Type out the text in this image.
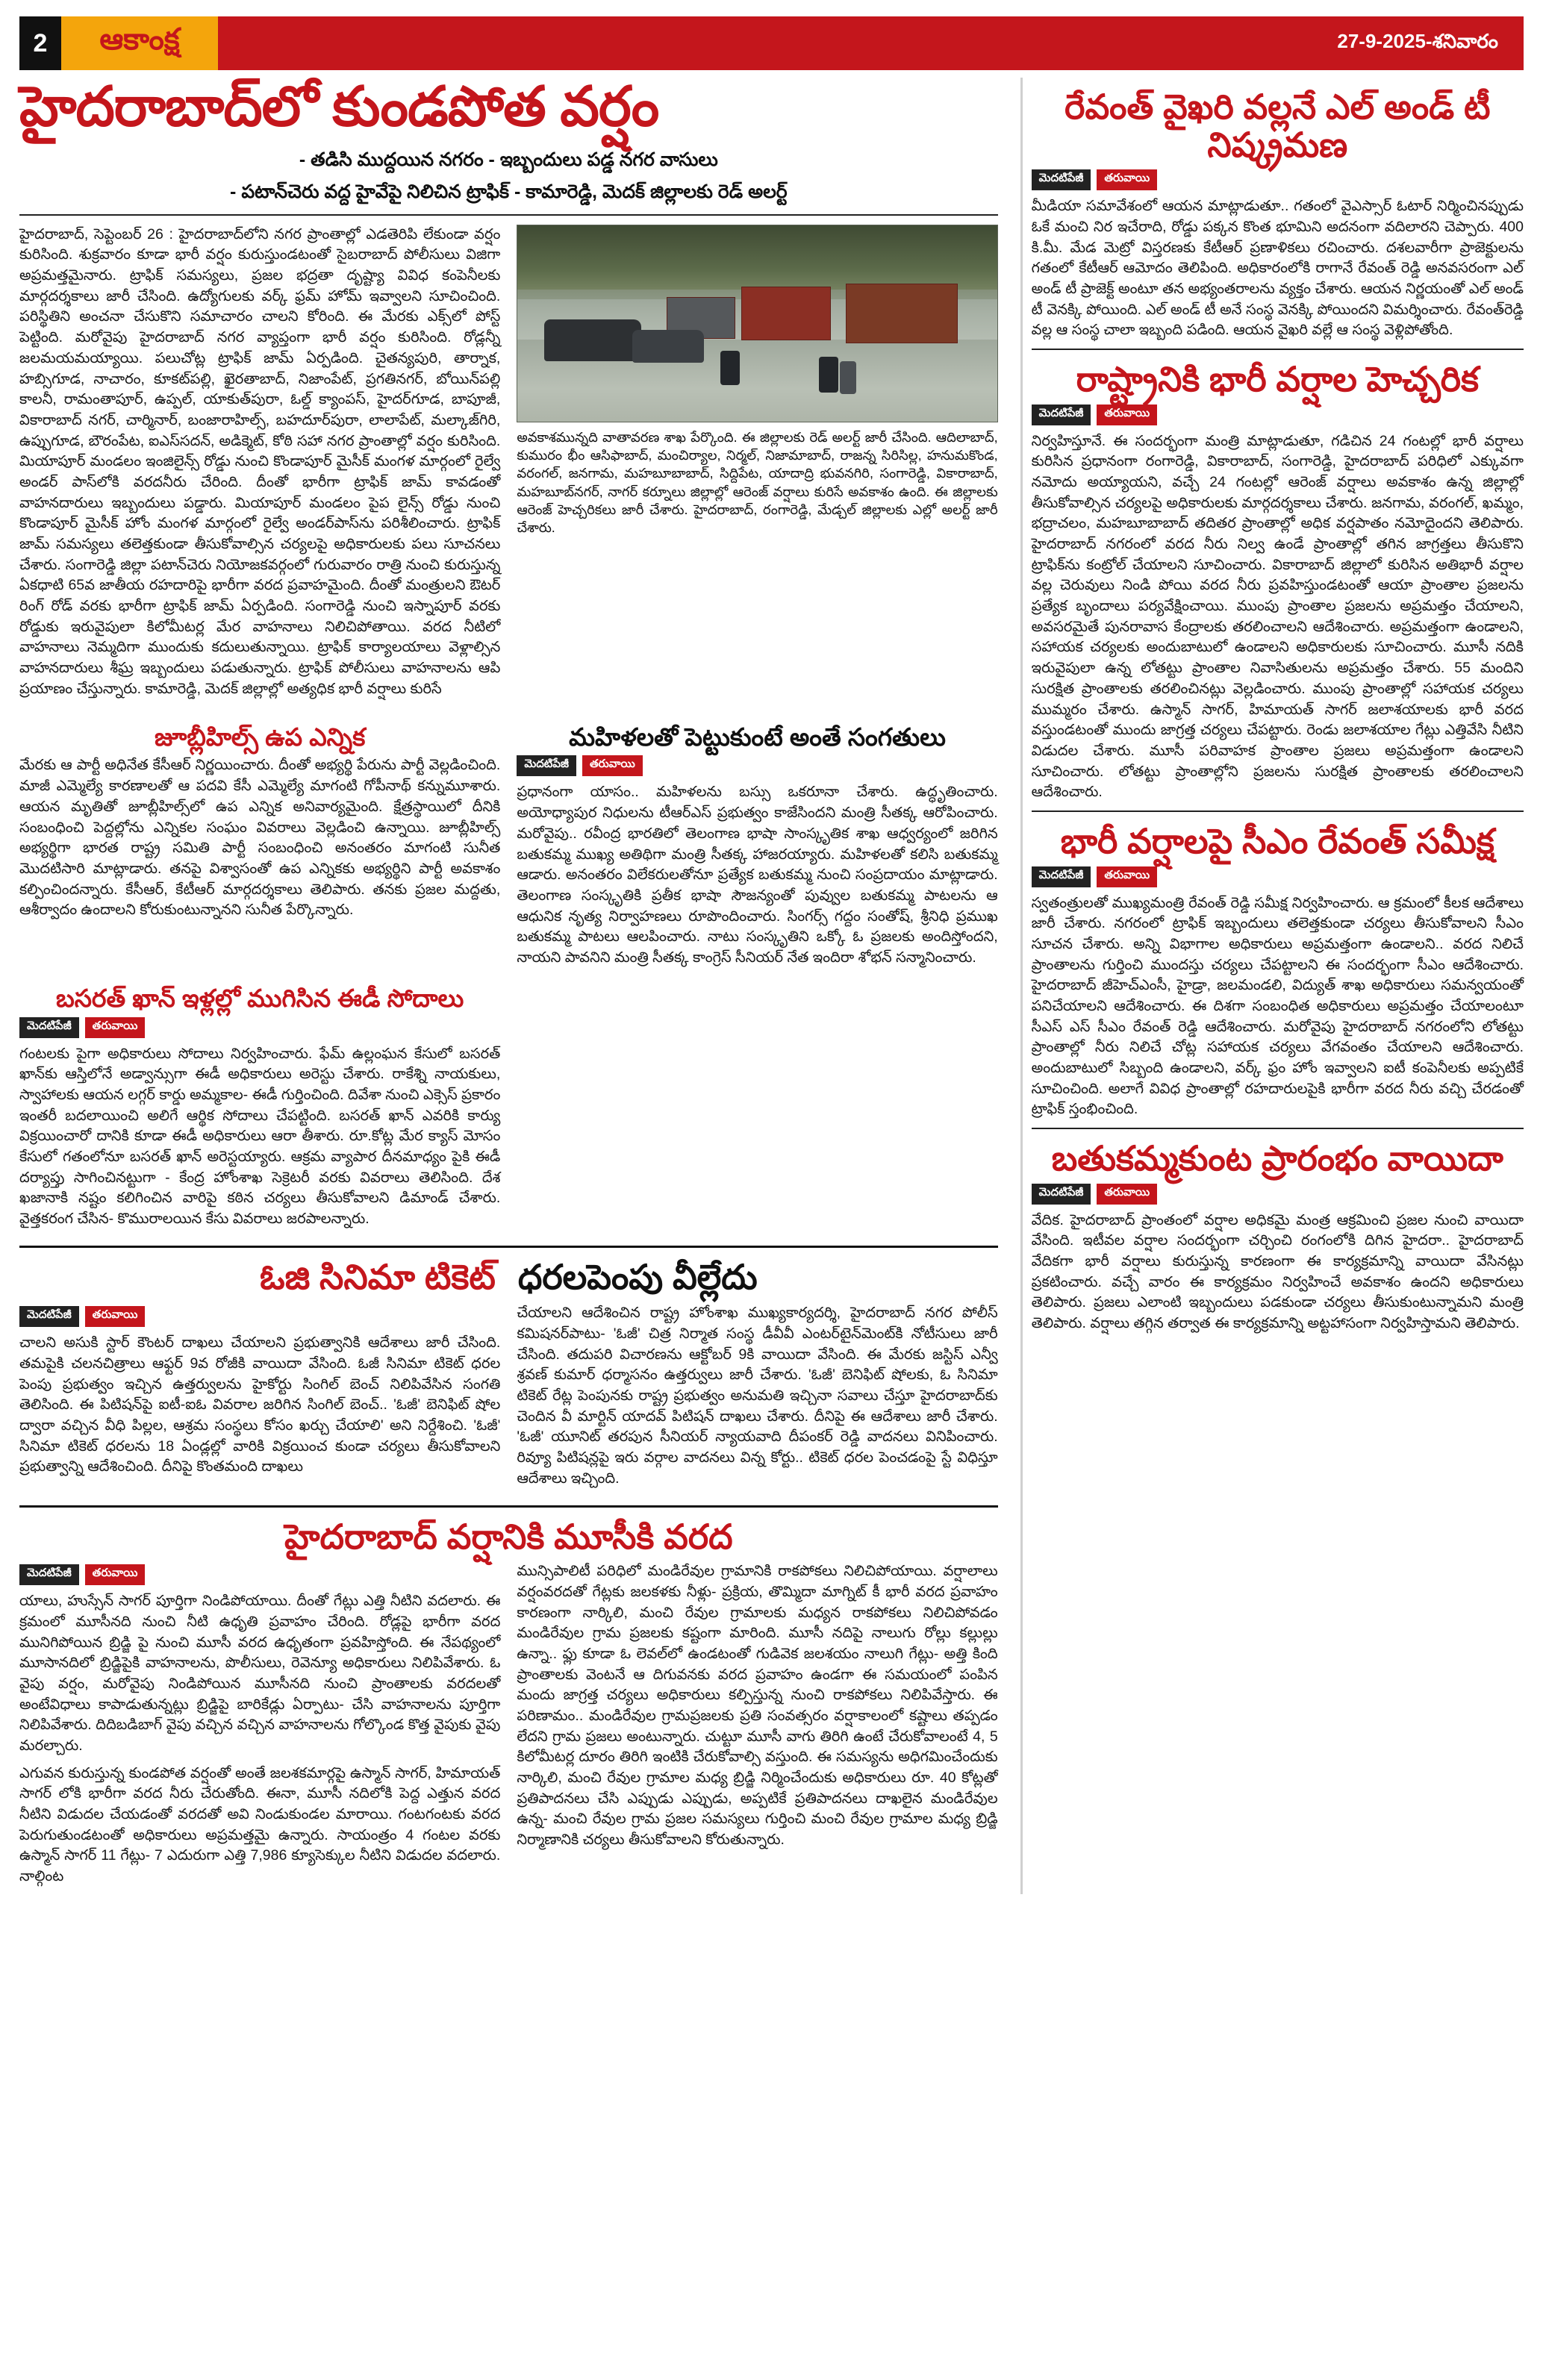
2	ఆకాంక్ష	27-9-2025-శనివారం
హైదరాబాద్‌లో కుండపోత వర్షం
- తడిసి ముద్దయిన నగరం - ఇబ్బందులు పడ్డ నగర వాసులు
- పటాన్‌చెరు వద్ద హైవేపై నిలిచిన ట్రాఫిక్ - కామారెడ్డి, మెదక్ జిల్లాలకు రెడ్ అలర్ట్

హైదరాబాద్, సెప్టెంబర్ 26 : హైదరాబాద్‌లోని నగర ప్రాంతాల్లో ఎడతెరిపి లేకుండా వర్షం కురిసింది. శుక్రవారం కూడా భారీ వర్షం కురుస్తుండటంతో సైబరాబాద్ పోలీసులు విజిగా అప్రమత్తమైనారు. ట్రాఫిక్ సమస్యలు, ప్రజల భద్రతా దృష్ట్యా వివిధ కంపెనీలకు మార్గదర్శకాలు జారీ చేసింది. ఉద్యోగులకు వర్క్ ఫ్రమ్ హోమ్ ఇవ్వాలని సూచించింది. పరిస్థితిని అంచనా చేసుకొని సమాచారం చాలని కోరింది. ఈ మేరకు ఎక్స్‌లో పోస్ట్ పెట్టింది. మరోవైపు హైదరాబాద్ నగర వ్యాప్తంగా భారీ వర్షం కురిసింది. రోడ్లన్నీ జలమయమయ్యాయి. పలుచోట్ల ట్రాఫిక్ జామ్ ఏర్పడింది. చైతన్యపురి, తార్నాక, హబ్సిగూడ, నాచారం, కూకట్‌పల్లి, ఖైరతాబాద్, నిజాంపేట్, ప్రగతినగర్, బోయిన్‌పల్లి కాలనీ, రామంతాపూర్, ఉప్పల్, యాకుత్‌పురా, ఓల్డ్ క్యాంపస్, హైదర్‌గూడ, బాపూజీ, వికారాబాద్ నగర్, చార్మినార్, బంజారాహిల్స్, బహదూర్‌పురా, లాలాపేట్, మల్కాజ్‌గిరి, ఉప్పుగూడ, బౌరంపేట, ఐఎస్‌సదన్, అడిక్మెట్, కోఠి సహా నగర ప్రాంతాల్లో వర్షం కురిసింది. మియాపూర్ మండలం ఇంజిలైన్స్ రోడ్డు నుంచి కొండాపూర్ మైసీక్ మంగళ మార్గంలో రైల్వే అండర్ పాస్‌లోకి వరదనీరు చేరింది. దీంతో భారీగా ట్రాఫిక్ జామ్ కావడంతో వాహనదారులు ఇబ్బందులు పడ్డారు. మియాపూర్ మండలం పైప లైన్స్ రోడ్డు నుంచి కొండాపూర్ మైసీక్ హోం మంగళ మార్గంలో రైల్వే అండర్‌పాస్‌ను పరిశీలించారు. ట్రాఫిక్ జామ్ సమస్యలు తలెత్తకుండా తీసుకోవాల్సిన చర్యలపై అధికారులకు పలు సూచనలు చేశారు. సంగారెడ్డి జిల్లా పటాన్‌చెరు నియోజకవర్గంలో గురువారం రాత్రి నుంచి కురుస్తున్న ఏకధాటి 65వ జాతీయ రహదారిపై భారీగా వరద ప్రవాహమైంది. దీంతో మంత్రులని ఔటర్ రింగ్ రోడ్ వరకు భారీగా ట్రాఫిక్ జామ్ ఏర్పడింది. సంగారెడ్డి నుంచి ఇస్నాపూర్ వరకు రోడ్డుకు ఇరువైపులా కిలోమీటర్ల మేర వాహనాలు నిలిచిపోతాయి. వరద నీటిలో వాహనాలు నెమ్మదిగా ముందుకు కదులుతున్నాయి. ట్రాఫిక్ కార్యాలయాలు వెళ్లాల్సిన వాహనదారులు శీఘ్ర ఇబ్బందులు పడుతున్నారు. ట్రాఫిక్ పోలీసులు వాహనాలను ఆపి ప్రయాణం చేస్తున్నారు. కామారెడ్డి, మెదక్ జిల్లాల్లో అత్యధిక భారీ వర్షాలు కురిసే

అవకాశమున్నది వాతావరణ శాఖ పేర్కొంది. ఈ జిల్లాలకు రెడ్ అలర్ట్ జారీ చేసింది. ఆదిలాబాద్, కుమురం భీం ఆసిఫాబాద్, మంచిర్యాల, నిర్మల్, నిజామాబాద్, రాజన్న సిరిసిల్ల, హనుమకొండ, వరంగల్, జనగామ, మహబూబాబాద్, సిద్దిపేట, యాదాద్రి భువనగిరి, సంగారెడ్డి, వికారాబాద్, మహబూబ్‌నగర్, నాగర్ కర్నూలు జిల్లాల్లో ఆరెంజ్ వర్షాలు కురిసే అవకాశం ఉంది. ఈ జిల్లాలకు ఆరెంజ్ హెచ్చరికలు జారీ చేశారు. హైదరాబాద్, రంగారెడ్డి, మేడ్చల్ జిల్లాలకు ఎల్లో అలర్ట్ జారీ చేశారు.
జూబ్లీహిల్స్ ఉప ఎన్నిక

మేరకు ఆ పార్టీ అధినేత కేసీఆర్ నిర్ణయించారు. దీంతో అభ్యర్థి పేరును పార్టీ వెల్లడించింది. మాజీ ఎమ్మెల్యే కారణాలతో ఆ పదవి కేసీ ఎమ్మెల్యే మాగంటి గోపీనాథ్ కన్నుమూశారు. ఆయన మృతితో జూబ్లీహిల్స్‌లో ఉప ఎన్నిక అనివార్యమైంది. క్షేత్రస్థాయిలో దీనికి సంబంధించి పెద్దల్లోను ఎన్నికల సంఘం వివరాలు వెల్లడించి ఉన్నాయి. జూబ్లీహిల్స్ అభ్యర్థిగా భారత రాష్ట్ర సమితి పార్టీ సంబంధించి అనంతరం మాగంటి సునీత మొదటిసారి మాట్లాడారు. తనపై విశ్వాసంతో ఉప ఎన్నికకు అభ్యర్థిని పార్టీ అవకాశం కల్పించిందన్నారు. కేసీఆర్, కేటీఆర్ మార్గదర్శకాలు తెలిపారు. తనకు ప్రజల మద్దతు, ఆశీర్వాదం ఉందాలని కోరుకుంటున్నానని సునీత పేర్కొన్నారు.

మహిళలతో పెట్టుకుంటే అంతే సంగతులు
మెదటిపేజీ	తరువాయి

ప్రధానంగా యాసం.. మహిళలను బస్సు ఒకరూనా చేశారు. ఉద్ధృతించారు. అయోధ్యాపుర నిధులను టీఆర్ఎస్ ప్రభుత్వం కాజేసిందని మంత్రి సీతక్క ఆరోపించారు. మరోవైపు.. రవీంద్ర భారతిలో తెలంగాణ భాషా సాంస్కృతిక శాఖ ఆధ్వర్యంలో జరిగిన బతుకమ్మ ముఖ్య అతిథిగా మంత్రి సీతక్క హాజరయ్యారు. మహిళలతో కలిసి బతుకమ్మ ఆడారు. అనంతరం విలేకరులతోనూ ప్రత్యేక బతుకమ్మ నుంచి సంప్రదాయం మాట్లాడారు. తెలంగాణ సంస్కృతికి ప్రతీక భాషా సౌజన్యంతో పువ్వుల బతుకమ్మ పాటలను ఆ ఆధునిక నృత్య నిర్వాహణలు రూపొందించారు. సింగర్స్ గద్దం సంతోష్, శ్రీనిధి ప్రముఖ బతుకమ్మ పాటలు ఆలపించారు. నాటు సంస్కృతిని ఒక్కో ఓ ప్రజలకు అందిస్తోందని, నాయని పావనిని మంత్రి సీతక్క కాంగ్రెస్ సీనియర్ నేత ఇందిరా శోభన్ సన్మానించారు.

బసరత్ ఖాన్ ఇళ్లల్లో ముగిసిన ఈడీ సోదాలు
మెదటిపేజీ	తరువాయి

గంటలకు పైగా అధికారులు సోదాలు నిర్వహించారు. ఫేమ్ ఉల్లంఘన కేసులో బసరత్ ఖాన్‌కు ఆస్తిలోనే అడ్వాన్సుగా ఈడీ అధికారులు అరెస్టు చేశారు. రాకేశ్ని నాయకులు, స్వాహాలకు ఆయన లగ్గర్ కార్డు అమ్మకాల- ఈడీ గుర్తించింది. దివేశా నుంచి ఎక్సెస్ ప్రకారం ఇంతరీ బదలాయించి అలిగే ఆర్థిక సోదాలు చేపట్టింది. బసరత్ ఖాన్ ఎవరికి కార్యు విక్రయించారో దానికి కూడా ఈడీ అధికారులు ఆరా తీశారు. రూ.కోట్ల మేర క్యాస్ మోసం కేసులో గతంలోనూ బసరత్ ఖాన్ అరెస్టయ్యారు. ఆక్రమ వ్యాపార దీనమాధ్యం పైకి ఈడీ దర్యాప్తు సాగించినట్టుగా - కేంద్ర హోంశాఖ సెక్రెటరీ వరకు వివరాలు తెలిసింది. దేశ ఖజానాకి నష్టం కలిగించిన వారిపై కఠిన చర్యలు తీసుకోవాలని డిమాండ్ చేశారు. వైత్తకరంగ చేసిన- కొమురాలయిన కేసు వివరాలు జరపాలన్నారు.

ఓజి సినిమా టికెట్ ధరలపెంపు వీల్లేదు
మెదటిపేజీ	తరువాయి

చాలని అసుకి స్టార్ కౌంటర్ దాఖలు చేయాలని ప్రభుత్వానికి ఆదేశాలు జారీ చేసింది. తమపైకి చలనచిత్రాలు ఆఫ్టర్ 9వ రోజీకి వాయిదా వేసింది. ఓజీ సినిమా టికెట్ ధరల పెంపు ప్రభుత్వం ఇచ్చిన ఉత్తర్వులను హైకోర్టు సింగిల్ బెంచ్ నిలిపివేసిన సంగతి తెలిసింది. ఈ పిటిషన్‌పై ఐటీ-ఐఓ వివరాల జరిగిన సింగిల్ బెంచ్.. 'ఓజీ' బెనిఫిట్ షోల ద్వారా వచ్చిన వీధి పిల్లల, ఆశ్రమ సంస్థలు కోసం ఖర్చు చేయాలి' అని నిర్దేశించి. 'ఓజీ' సినిమా టికెట్ ధరలను 18 ఏండ్లల్లో వారికి విక్రయించ కుండా చర్యలు తీసుకోవాలని ప్రభుత్వాన్ని ఆదేశించింది. దీనిపై కొంతమంది దాఖలు

చేయాలని ఆదేశించిన రాష్ట్ర హోంశాఖ ముఖ్యకార్యదర్శి, హైదరాబాద్ నగర పోలీస్ కమిషనర్‌పాటు- 'ఓజీ' చిత్ర నిర్మాత సంస్థ డీవీవీ ఎంటర్‌టైన్‌మెంట్‌కి నోటీసులు జారీ చేసింది. తదుపరి విచారణను ఆక్టోబర్ 9కి వాయిదా వేసింది. ఈ మేరకు జస్టిస్ ఎన్వీ శ్రవణ్ కుమార్ ధర్మాసనం ఉత్తర్వులు జారీ చేశారు. 'ఓజీ' బెనిఫిట్ షోలకు, ఓ సినిమా టికెట్ రేట్ల పెంపునకు రాష్ట్ర ప్రభుత్వం అనుమతి ఇచ్చినా సవాలు చేస్తూ హైదరాబాద్‌కు చెందిన వీ మార్టిన్ యాదవ్ పిటిషన్ దాఖలు చేశారు. దీనిపై ఈ ఆదేశాలు జారీ చేశారు. 'ఓజీ' యూనిట్ తరపున సీనియర్ న్యాయవాది దీపంకర్ రెడ్డి వాదనలు వినిపించారు. రివ్యూ పిటిషన్లపై ఇరు వర్గాల వాదనలు విన్న కోర్టు.. టికెట్ ధరల పెంచడంపై స్టే విధిస్తూ ఆదేశాలు ఇచ్చింది.

హైదరాబాద్ వర్షానికి మూసీకి వరద
మెదటిపేజీ	తరువాయి

యాలు, హుస్సేన్ సాగర్ పూర్తిగా నిండిపోయాయి. దీంతో గేట్లు ఎత్తి నీటిని వదలారు. ఈ క్రమంలో మూసీనది నుంచి నీటి ఉధృతి ప్రవాహం చేరింది. రోడ్లపై భారీగా వరద మునిగిపోయిన బ్రిడ్జి పై నుంచి మూసీ వరద ఉధృతంగా ప్రవహిస్తోంది. ఈ నేపథ్యంలో మూసానదిలో బ్రిడ్జిపైకి వాహనాలను, పొలీసులు, రెవెన్యూ అధికారులు నిలిపివేశారు. ఓ వైపు వర్షం, మరోవైపు నిండిపోయిన మూసీనది నుంచి ప్రాంతాలకు వరదలతో అంటేవిధాలు కాపాడుతున్నట్లు బ్రిడ్జిపై బారికేడ్లు ఏర్పాటు- చేసి వాహనాలను పూర్తిగా నిలిపివేశారు. దిదిబడిబాగ్ వైపు వచ్చిన వచ్చిన వాహనాలను గోల్కొండ కొత్త వైపుకు వైపు మరల్చారు.

ఎగువన కురుస్తున్న కుండపోత వర్షంతో అంతే జలశకమార్గపై ఉస్మాన్ సాగర్, హిమాయత్ సాగర్ లోకి భారీగా వరద నీరు చేరుతోంది. ఈనా, మూసీ నదిలోకి పెద్ద ఎత్తున వరద నీటిని విడుదల చేయడంతో వరదతో అవి నిండుకుండల మారాయి. గంటగంటకు వరద పెరుగుతుండటంతో అధికారులు అప్రమత్తమై ఉన్నారు. సాయంత్రం 4 గంటల వరకు ఉస్మాన్ సాగర్ 11 గేట్లు- 7 ఎదురుగా ఎత్తి 7,986 క్యూసెక్కుల నీటిని విడుదల వదలారు. నాల్గింట

మున్సిపాలిటీ పరిధిలో మండిరేవుల గ్రామానికి రాకపోకలు నిలిచిపోయాయి. వర్షాలాలు వర్షంవరదతో గేట్లకు జలకళకు నీళ్లు- ప్రక్రియ, తొమ్మిదా మాగ్నిట్ కీ భారీ వరద ప్రవాహం కారణంగా నార్కిలి, మంచి రేవుల గ్రామాలకు మధ్యన రాకపోకలు నిలిచిపోవడం మండిరేవుల గ్రామ ప్రజలకు కష్టంగా మారింది. మూసీ నదిపై నాలుగు రోల్లు కల్లుల్లు ఉన్నా.. ఫ్లు కూడా ఓ లెవల్‌లో ఉండటంతో గుడివెక జలశయం నాలుగి గేట్లు- అత్తి కింది ప్రాంతాలకు వెంటనే ఆ దిగువనకు వరద ప్రవాహం ఉండగా ఈ సమయంలో పంపిన మందు జాగ్రత్త చర్యలు అధికారులు కల్పిస్తున్న నుంచి రాకపోకలు నిలిపివేస్తారు. ఈ పరిణామం.. మండిరేవుల గ్రామప్రజలకు ప్రతి సంవత్సరం వర్షాకాలంలో కష్టాలు తప్పడం లేదని గ్రామ ప్రజలు అంటున్నారు. చుట్టూ మూసీ వాగు తిరిగి ఉంటే చేరుకోవాలంటే 4, 5 కిలోమీటర్ల దూరం తిరిగి ఇంటికి చేరుకోవాల్సి వస్తుంది. ఈ సమస్యను అధిగమించేందుకు నార్కిలి, మంచి రేవుల గ్రామాల మధ్య బ్రిడ్జి నిర్మించేందుకు అధికారులు రూ. 40 కోట్లతో ప్రతిపాదనలు చేసి ఎప్పుడు ఎప్పుడు, అప్పటికే ప్రతిపాదనలు దాఖలైన మండిరేవుల ఉన్న- మంచి రేవుల గ్రామ ప్రజల సమస్యలు గుర్తించి మంచి రేవుల గ్రామాల మధ్య బ్రిడ్జి నిర్మాణానికి చర్యలు తీసుకోవాలని కోరుతున్నారు.

రేవంత్ వైఖరి వల్లనే ఎల్ అండ్ టీ నిష్క్రమణ
మెదటిపేజీ	తరువాయి

మీడియా సమావేశంలో ఆయన మాట్లాడుతూ.. గతంలో వైఎస్సార్ ఓటార్ నిర్మించినప్పుడు ఓకే మంచి నిర ఇచేరాది, రోడ్డు పక్కన కొంత భూమిని అదనంగా వదిలారని చెప్పారు. 400 కి.మీ. మేడ మెట్రో విస్తరణకు కేటీఆర్ ప్రణాళికలు రచించారు. దశలవారీగా ప్రాజెక్టులను గతంలో కేటీఆర్ ఆమోదం తెలిపింది. అధికారంలోకి రాగానే రేవంత్ రెడ్డి అనవసరంగా ఎల్ అండ్ టీ ప్రాజెక్ట్ అంటూ తన అభ్యంతరాలను వ్యక్తం చేశారు. ఆయన నిర్ణయంతో ఎల్ అండ్ టీ వెనక్కి పోయింది. ఎల్ అండ్ టీ అనే సంస్థ వెనక్కి పోయిందని విమర్శించారు. రేవంత్‌రెడ్డి వల్ల ఆ సంస్థ చాలా ఇబ్బంది పడింది. ఆయన వైఖరి వల్లే ఆ సంస్థ వెళ్లిపోతోంది.

రాష్ట్రానికి భారీ వర్షాల హెచ్చరిక
మెదటిపేజీ	తరువాయి

నిర్వహిస్తూనే. ఈ సందర్భంగా మంత్రి మాట్లాడుతూ, గడిచిన 24 గంటల్లో భారీ వర్షాలు కురిసిన ప్రధానంగా రంగారెడ్డి, వికారాబాద్, సంగారెడ్డి, హైదరాబాద్ పరిధిలో ఎక్కువగా నమోదు అయ్యాయని, వచ్చే 24 గంటల్లో ఆరెంజ్ వర్షాలు అవకాశం ఉన్న జిల్లాల్లో తీసుకోవాల్సిన చర్యలపై అధికారులకు మార్గదర్శకాలు చేశారు. జనగామ, వరంగల్, ఖమ్మం, భద్రాచలం, మహబూబాబాద్ తదితర ప్రాంతాల్లో అధిక వర్షపాతం నమోదైందని తెలిపారు. హైదరాబాద్ నగరంలో వరద నీరు నిల్వ ఉండే ప్రాంతాల్లో తగిన జాగ్రత్తలు తీసుకొని ట్రాఫిక్‌ను కంట్రోల్ చేయాలని సూచించారు. వికారాబాద్ జిల్లాలో కురిసిన అతిభారీ వర్షాల వల్ల చెరువులు నిండి పోయి వరద నీరు ప్రవహిస్తుండటంతో ఆయా ప్రాంతాల ప్రజలను ప్రత్యేక బృందాలు పర్యవేక్షించాయి. ముంపు ప్రాంతాల ప్రజలను అప్రమత్తం చేయాలని, అవసరమైతే పునరావాస కేంద్రాలకు తరలించాలని ఆదేశించారు. అప్రమత్తంగా ఉండాలని, సహాయక చర్యలకు అందుబాటులో ఉండాలని అధికారులకు సూచించారు. మూసీ నదికి ఇరువైపులా ఉన్న లోతట్టు ప్రాంతాల నివాసితులను అప్రమత్తం చేశారు. 55 మందిని సురక్షిత ప్రాంతాలకు తరలించినట్లు వెల్లడించారు. ముంపు ప్రాంతాల్లో సహాయక చర్యలు ముమ్మరం చేశారు. ఉస్మాన్ సాగర్, హిమాయత్ సాగర్ జలాశయాలకు భారీ వరద వస్తుండటంతో ముందు జాగ్రత్త చర్యలు చేపట్టారు. రెండు జలాశయాల గేట్లు ఎత్తివేసి నీటిని విడుదల చేశారు. మూసీ పరివాహక ప్రాంతాల ప్రజలు అప్రమత్తంగా ఉండాలని సూచించారు. లోతట్టు ప్రాంతాల్లోని ప్రజలను సురక్షిత ప్రాంతాలకు తరలించాలని ఆదేశించారు.

భారీ వర్షాలపై సీఎం రేవంత్ సమీక్ష
మెదటిపేజీ	తరువాయి

స్వతంత్రులతో ముఖ్యమంత్రి రేవంత్ రెడ్డి సమీక్ష నిర్వహించారు. ఆ క్రమంలో కీలక ఆదేశాలు జారీ చేశారు. నగరంలో ట్రాఫిక్ ఇబ్బందులు తలెత్తకుండా చర్యలు తీసుకోవాలని సీఎం సూచన చేశారు. అన్ని విభాగాల అధికారులు అప్రమత్తంగా ఉండాలని.. వరద నిలిచే ప్రాంతాలను గుర్తించి ముందస్తు చర్యలు చేపట్టాలని ఈ సందర్భంగా సీఎం ఆదేశించారు. హైదరాబాద్ జీహెచ్ఎంసీ, హైడ్రా, జలమండలి, విద్యుత్ శాఖ అధికారులు సమన్వయంతో పనిచేయాలని ఆదేశించారు. ఈ దిశగా సంబంధిత అధికారులు అప్రమత్తం చేయాలంటూ సీఎస్ ఎస్ సీఎం రేవంత్ రెడ్డి ఆదేశించారు. మరోవైపు హైదరాబాద్ నగరంలోని లోతట్టు ప్రాంతాల్లో నీరు నిలిచే చోట్ల సహాయక చర్యలు వేగవంతం చేయాలని ఆదేశించారు. అందుబాటులో సిబ్బంది ఉండాలని, వర్క్ ఫ్రం హోం ఇవ్వాలని ఐటీ కంపెనీలకు అప్పటికే సూచించింది. అలాగే వివిధ ప్రాంతాల్లో రహదారులపైకి భారీగా వరద నీరు వచ్చి చేరడంతో ట్రాఫిక్ స్తంభించింది.

బతుకమ్మకుంట ప్రారంభం వాయిదా
మెదటిపేజీ	తరువాయి

వేదిక. హైదరాబాద్ ప్రాంతంలో వర్షాల అధికమై మంత్ర ఆక్రమించి ప్రజల నుంచి వాయిదా వేసింది. ఇటీవల వర్షాల సందర్భంగా చర్చించి రంగంలోకి దిగిన హైదరా.. హైదరాబాద్ వేదికగా భారీ వర్షాలు కురుస్తున్న కారణంగా ఈ కార్యక్రమాన్ని వాయిదా వేసినట్లు ప్రకటించారు. వచ్చే వారం ఈ కార్యక్రమం నిర్వహించే అవకాశం ఉందని అధికారులు తెలిపారు. ప్రజలు ఎలాంటి ఇబ్బందులు పడకుండా చర్యలు తీసుకుంటున్నామని మంత్రి తెలిపారు. వర్షాలు తగ్గిన తర్వాత ఈ కార్యక్రమాన్ని అట్టహాసంగా నిర్వహిస్తామని తెలిపారు.
